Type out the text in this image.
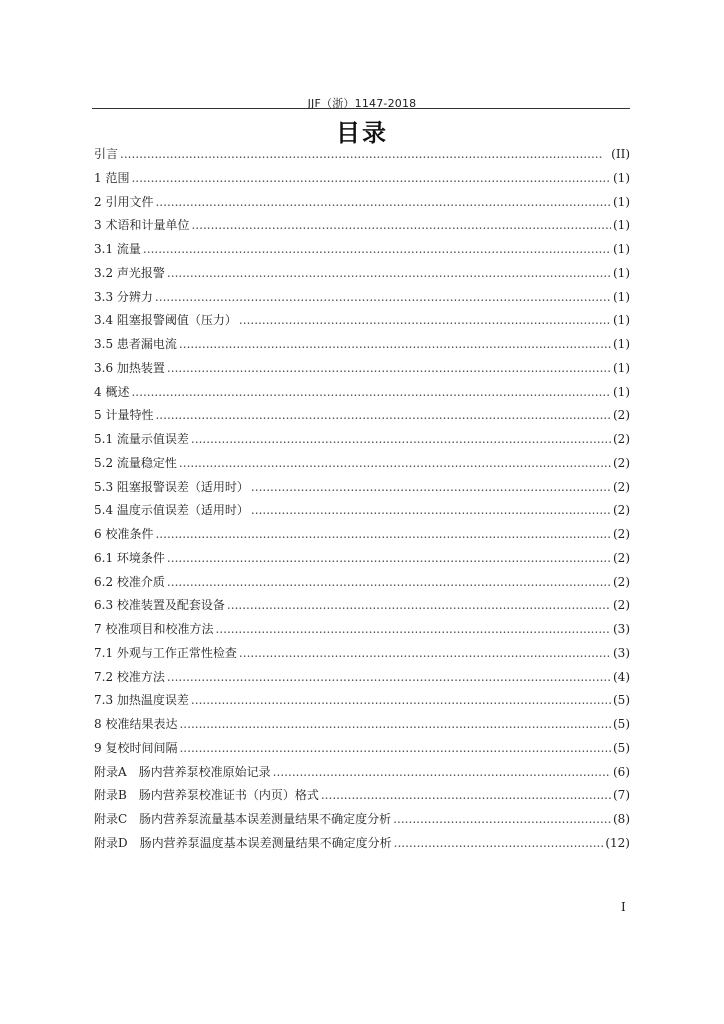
JJF（浙）1147-2018
目录
引言 . . .	(II)
1 范围 . . .	(1)
2 引用文件 . . .	(1)
3 术语和计量单位 . . .	(1)
3.1 流量 . . .	(1)
3.2 声光报警 . . .	(1)
3.3 分辨力 . . .	(1)
3.4 阻塞报警阈值（压力） . . .	(1)
3.5 患者漏电流 . . .	(1)
3.6 加热装置 . . .	(1)
4 概述 . . .	(1)
5 计量特性 . . .	(2)
5.1 流量示值误差 . . .	(2)
5.2 流量稳定性 . . .	(2)
5.3 阻塞报警误差（适用时） . . .	(2)
5.4 温度示值误差（适用时） . . .	(2)
6 校准条件 . . .	(2)
6.1 环境条件 . . .	(2)
6.2 校准介质 . . .	(2)
6.3 校准装置及配套设备 . . .	(2)
7 校准项目和校准方法 . . .	(3)
7.1 外观与工作正常性检查 . . .	(3)
7.2 校准方法 . . .	(4)
7.3 加热温度误差 . . .	(5)
8 校准结果表达 . . .	(5)
9 复校时间间隔 . . .	(5)
附录A　肠内营养泵校准原始记录 . . .	(6)
附录B　肠内营养泵校准证书（内页）格式 . . .	(7)
附录C　肠内营养泵流量基本误差测量结果不确定度分析 . . .	(8)
附录D　肠内营养泵温度基本误差测量结果不确定度分析 . . .	(12)
I
